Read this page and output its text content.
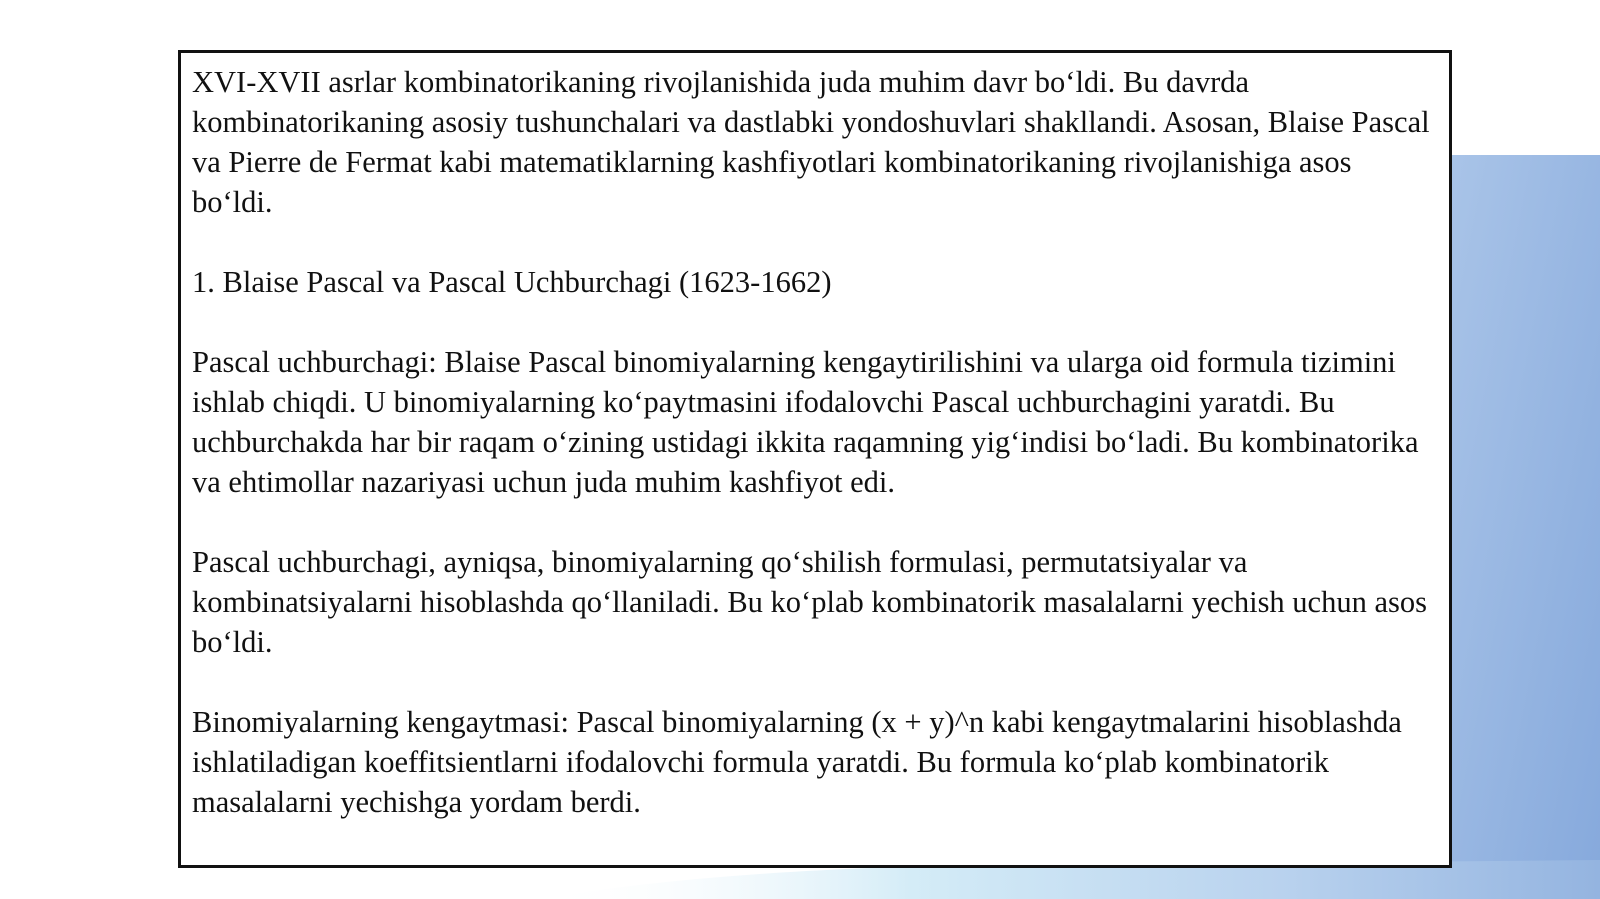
XVI-XVII asrlar kombinatorikaning rivojlanishida juda muhim davr bo‘ldi. Bu davrda kombinatorikaning asosiy tushunchalari va dastlabki yondoshuvlari shakllandi. Asosan, Blaise Pascal va Pierre de Fermat kabi matematiklarning kashfiyotlari kombinatorikaning rivojlanishiga asos bo‘ldi.

1. Blaise Pascal va Pascal Uchburchagi (1623-1662)

Pascal uchburchagi: Blaise Pascal binomiyalarning kengaytirilishini va ularga oid formula tizimini ishlab chiqdi. U binomiyalarning ko‘paytmasini ifodalovchi Pascal uchburchagini yaratdi. Bu uchburchakda har bir raqam o‘zining ustidagi ikkita raqamning yig‘indisi bo‘ladi. Bu kombinatorika va ehtimollar nazariyasi uchun juda muhim kashfiyot edi.

Pascal uchburchagi, ayniqsa, binomiyalarning qo‘shilish formulasi, permutatsiyalar va kombinatsiyalarni hisoblashda qo‘llaniladi. Bu ko‘plab kombinatorik masalalarni yechish uchun asos bo‘ldi.

Binomiyalarning kengaytmasi: Pascal binomiyalarning (x + y)^n kabi kengaytmalarini hisoblashda ishlatiladigan koeffitsientlarni ifodalovchi formula yaratdi. Bu formula ko‘plab kombinatorik masalalarni yechishga yordam berdi.
